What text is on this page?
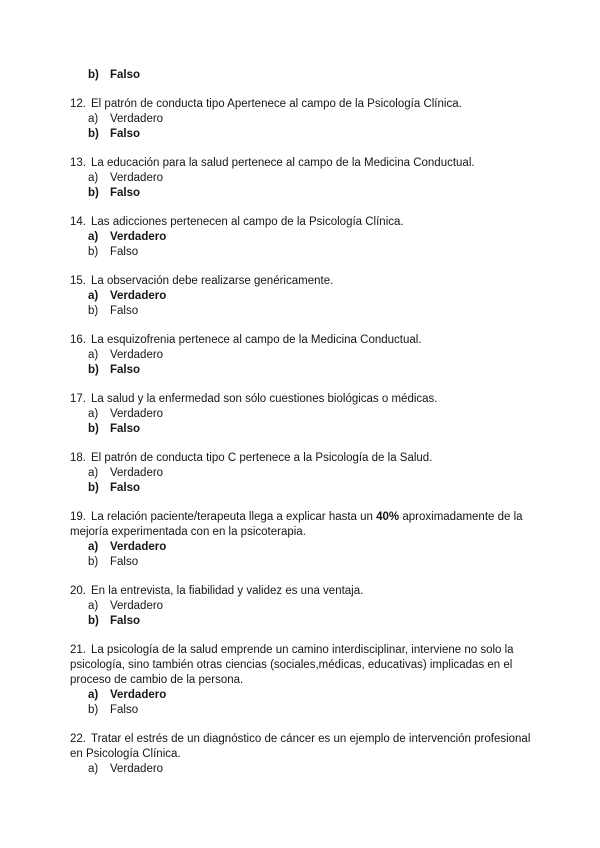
b) Falso
12. El patrón de conducta tipo Apertenece al campo de la Psicología Clínica.
a) Verdadero
b) Falso
13. La educación para la salud pertenece al campo de la Medicina Conductual.
a) Verdadero
b) Falso
14. Las adicciones pertenecen al campo de la Psicología Clínica.
a) Verdadero
b) Falso
15. La observación debe realizarse genéricamente.
a) Verdadero
b) Falso
16. La esquizofrenia pertenece al campo de la Medicina Conductual.
a) Verdadero
b) Falso
17. La salud y la enfermedad son sólo cuestiones biológicas o médicas.
a) Verdadero
b) Falso
18. El patrón de conducta tipo C pertenece a la Psicología de la Salud.
a) Verdadero
b) Falso
19. La relación paciente/terapeuta llega a explicar hasta un 40% aproximadamente de la
mejoría experimentada con en la psicoterapia.
a) Verdadero
b) Falso
20. En la entrevista, la fiabilidad y validez es una ventaja.
a) Verdadero
b) Falso
21. La psicología de la salud emprende un camino interdisciplinar, interviene no solo la
psicología, sino también otras ciencias (sociales,médicas, educativas) implicadas en el
proceso de cambio de la persona.
a) Verdadero
b) Falso
22. Tratar el estrés de un diagnóstico de cáncer es un ejemplo de intervención profesional
en Psicología Clínica.
a) Verdadero
